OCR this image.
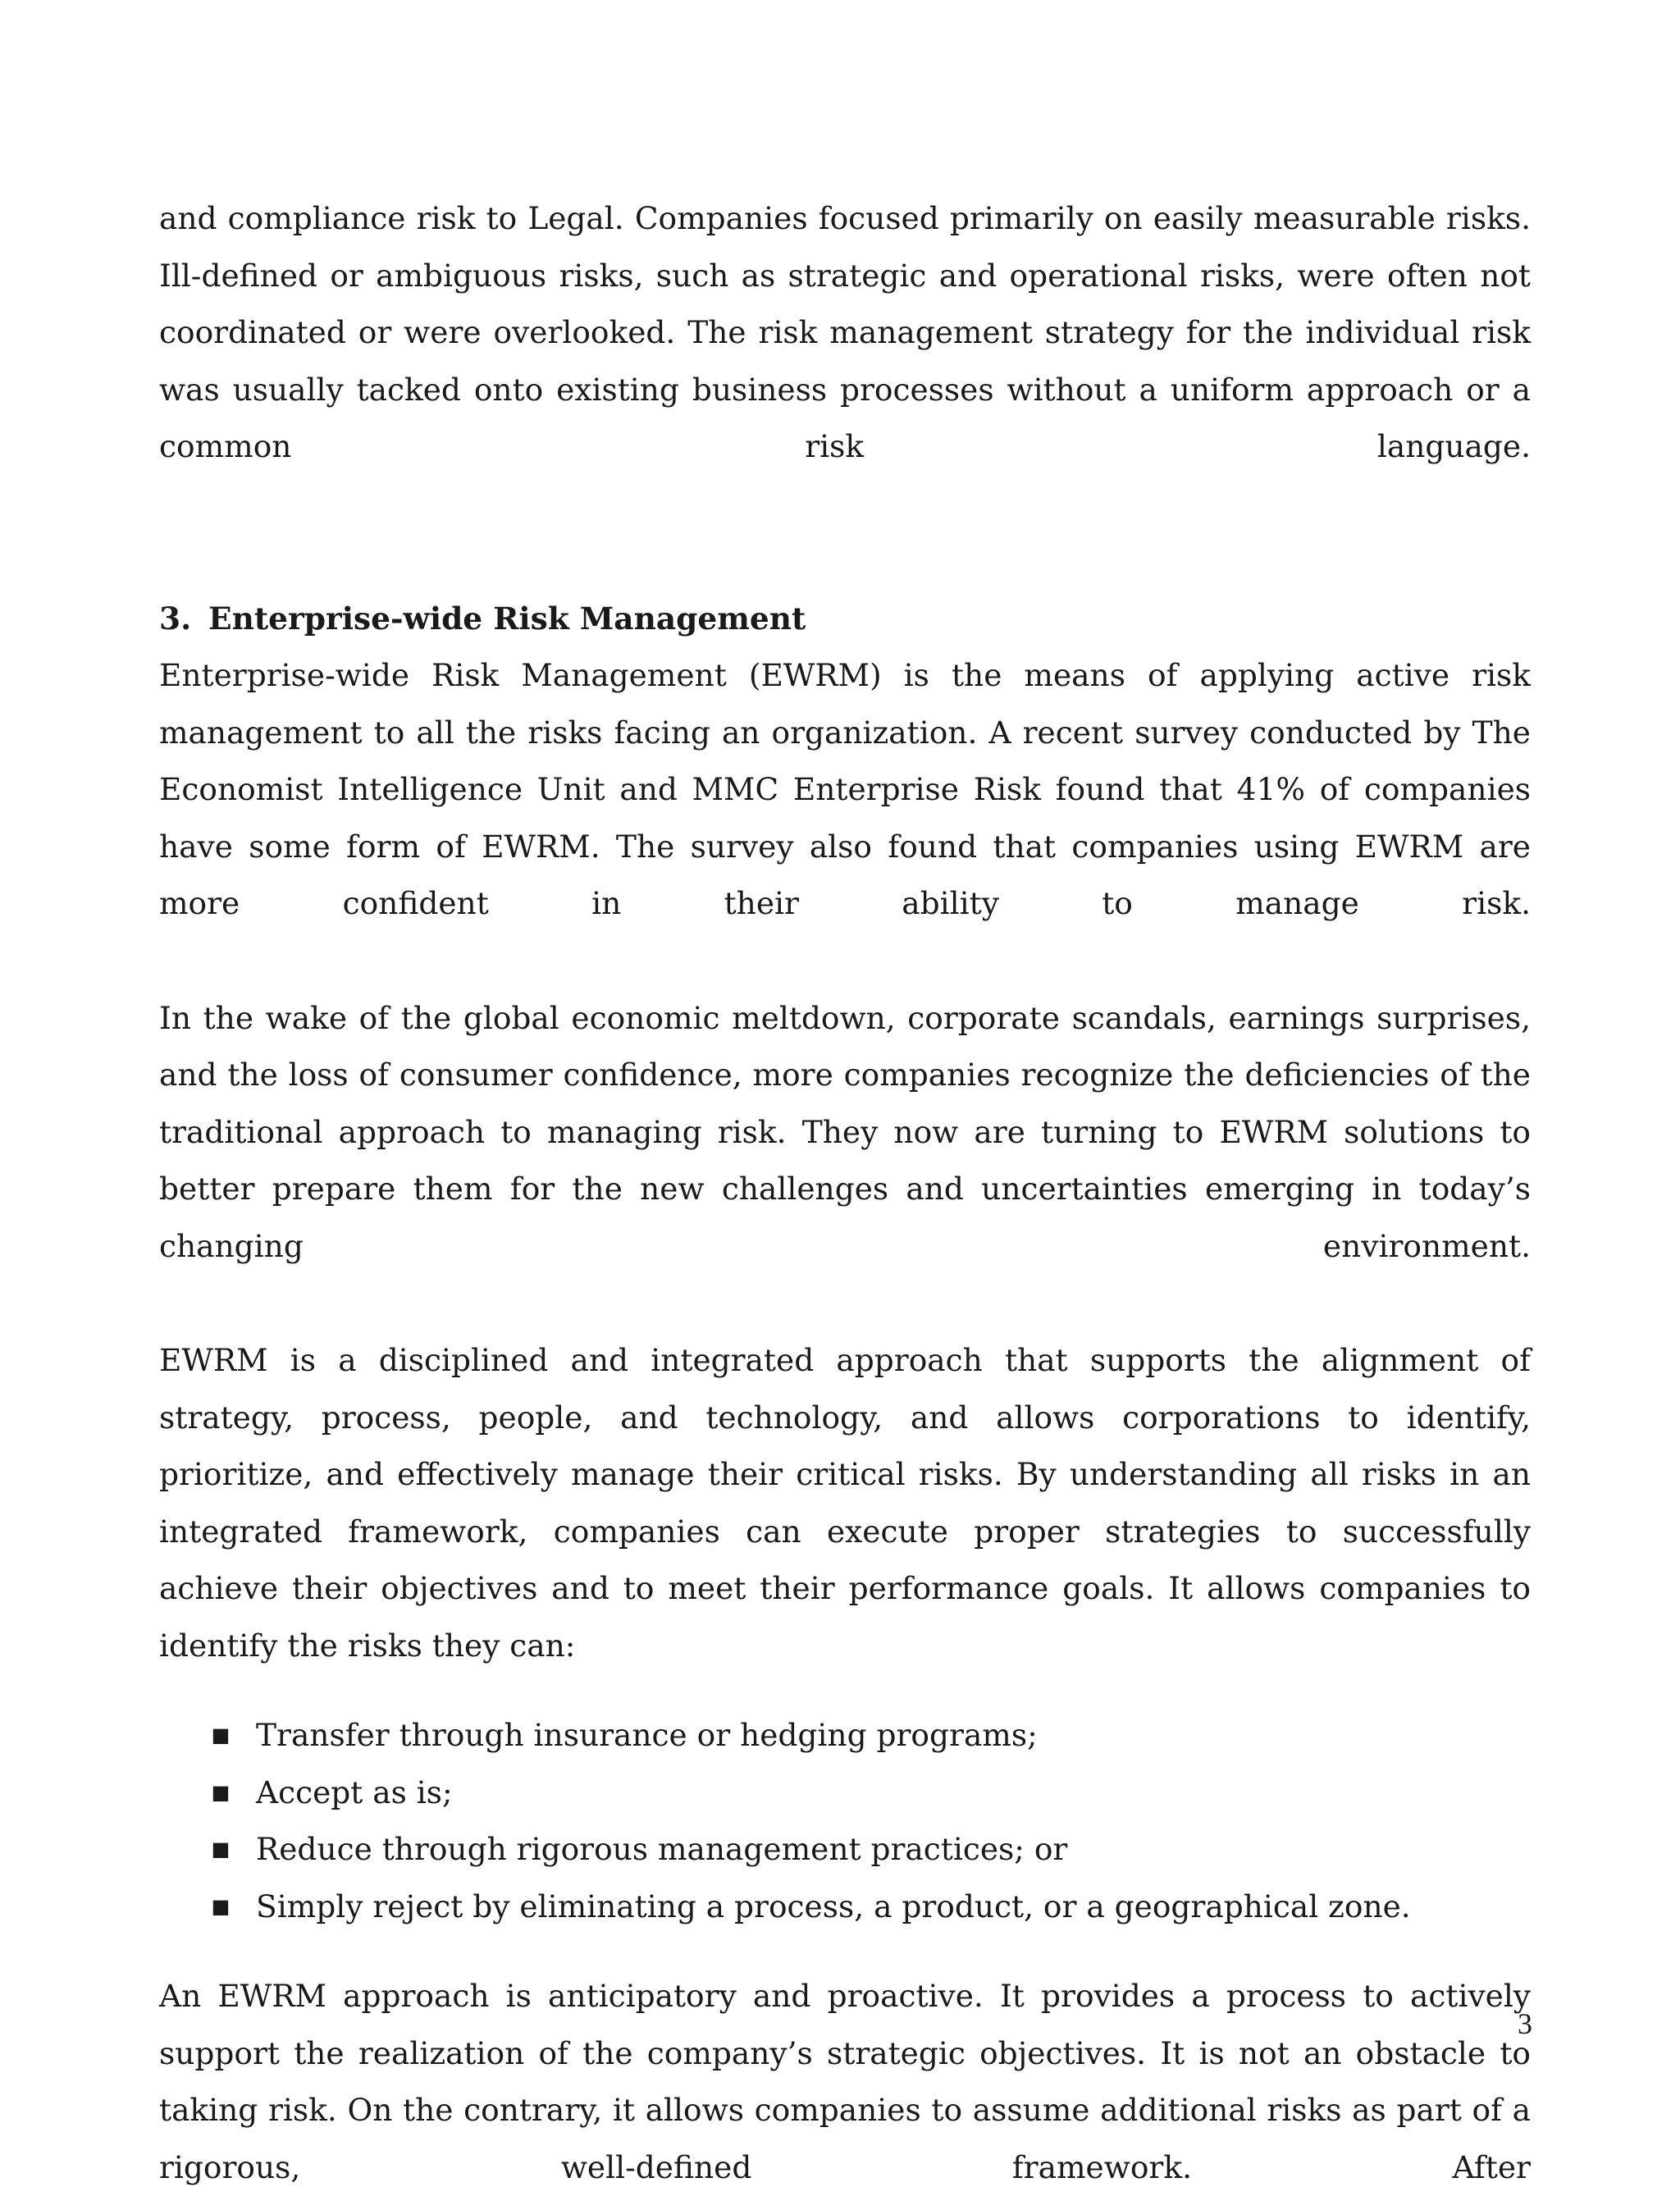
and compliance risk to Legal. Companies focused primarily on easily measurable risks. Ill-defined or ambiguous risks, such as strategic and operational risks, were often not coordinated or were overlooked. The risk management strategy for the individual risk was usually tacked onto existing business processes without a uniform approach or a common risk language.

3. Enterprise-wide Risk Management

Enterprise-wide Risk Management (EWRM) is the means of applying active risk management to all the risks facing an organization. A recent survey conducted by The Economist Intelligence Unit and MMC Enterprise Risk found that 41% of companies have some form of EWRM. The survey also found that companies using EWRM are more confident in their ability to manage risk.

In the wake of the global economic meltdown, corporate scandals, earnings surprises, and the loss of consumer confidence, more companies recognize the deficiencies of the traditional approach to managing risk. They now are turning to EWRM solutions to better prepare them for the new challenges and uncertainties emerging in today’s changing environment.

EWRM is a disciplined and integrated approach that supports the alignment of strategy, process, people, and technology, and allows corporations to identify, prioritize, and effectively manage their critical risks. By understanding all risks in an integrated framework, companies can execute proper strategies to successfully achieve their objectives and to meet their performance goals. It allows companies to identify the risks they can:

■ Transfer through insurance or hedging programs;
■ Accept as is;
■ Reduce through rigorous management practices; or
■ Simply reject by eliminating a process, a product, or a geographical zone.

An EWRM approach is anticipatory and proactive. It provides a process to actively support the realization of the company’s strategic objectives. It is not an obstacle to taking risk. On the contrary, it allows companies to assume additional risks as part of a rigorous, well-defined framework. After

3
